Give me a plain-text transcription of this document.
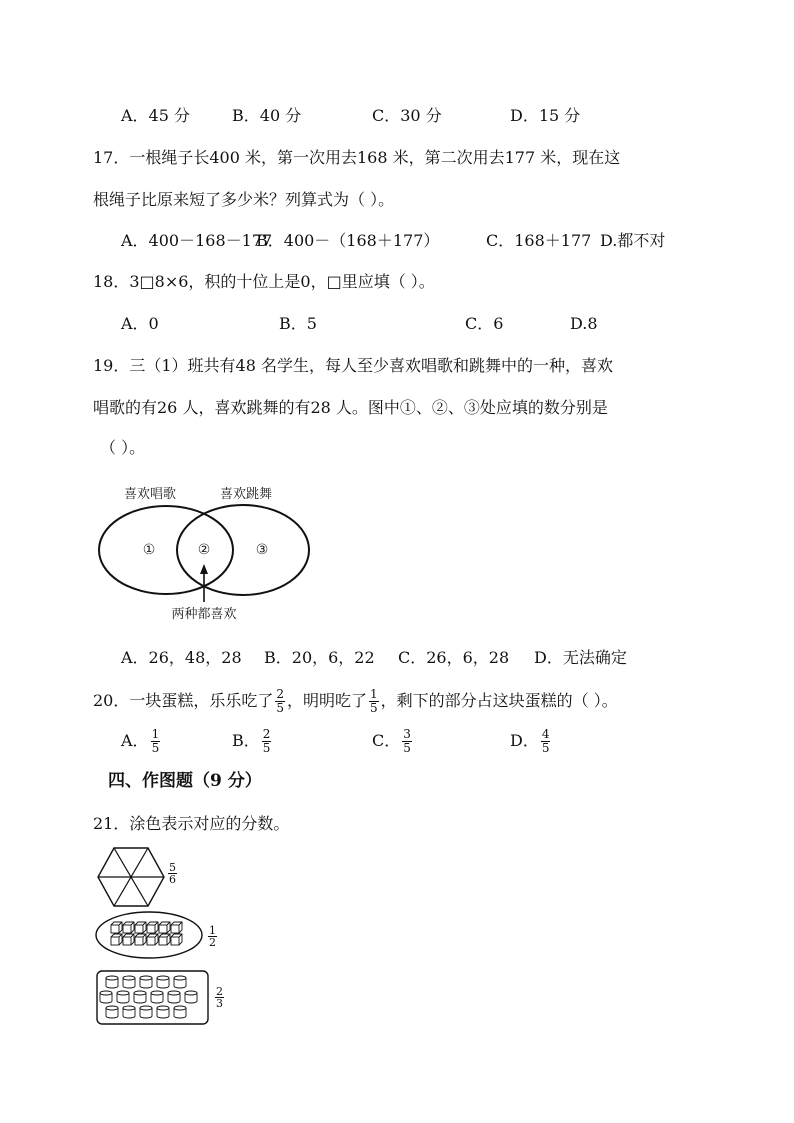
A．45 分	B．40 分	C．30 分	D．15 分
17．一根绳子长400 米，第一次用去168 米，第二次用去177 米，现在这
根绳子比原来短了多少米？列算式为（ ）。
A．400－168－177
B．400－（168＋177）	C．168＋177 D.都不对
18．3□8×6，积的十位上是0，□里应填（ ）。
A．0	B．5	C．6	D.8
19．三（1）班共有48 名学生，每人至少喜欢唱歌和跳舞中的一种，喜欢
唱歌的有26 人，喜欢跳舞的有28 人。图中①、②、③处应填的数分别是
（ ）。
喜欢唱歌	喜欢跳舞
①	②	③
两种都喜欢
A．26，48，28 B．20，6，22 C．26，6，28 D．无法确定
20．一块蛋糕，乐乐吃了 $\frac{2}{5}$ ，明明吃了 $\frac{1}{5}$ ，剩下的部分占这块蛋糕的（ ）。
A． $\frac{1}{5}$	B． $\frac{2}{5}$	C． $\frac{3}{5}$	D． $\frac{4}{5}$
四、作图题（9 分）
21．涂色表示对应的分数。
$\frac{5}{6}$
$\frac{1}{2}$
$\frac{2}{3}$
